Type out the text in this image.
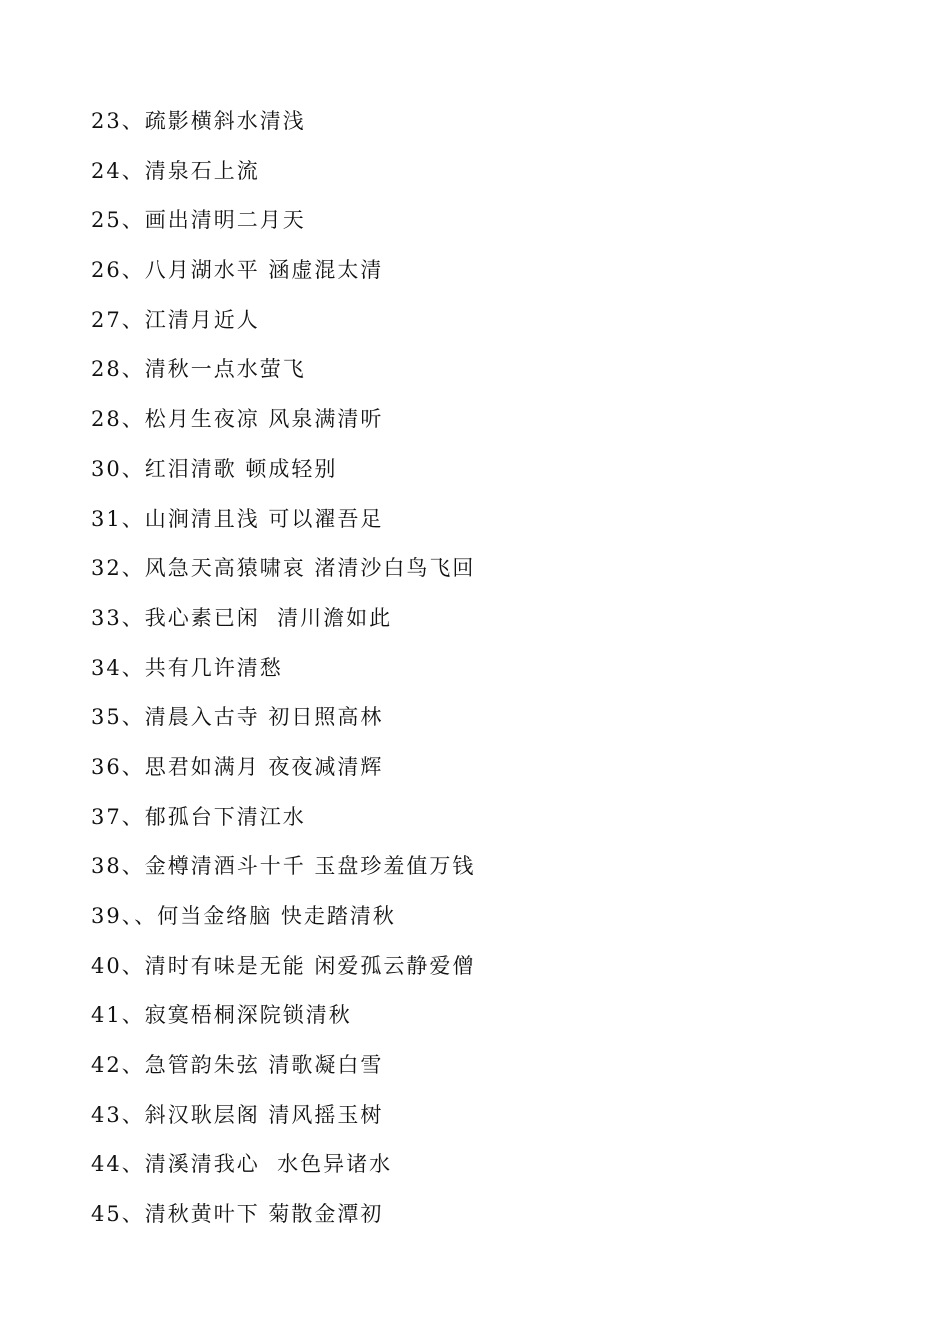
23、疏影横斜水清浅
24、清泉石上流
25、画出清明二月天
26、八月湖水平 涵虚混太清
27、江清月近人
28、清秋一点水萤飞
28、松月生夜凉 风泉满清听
30、红泪清歌 顿成轻别
31、山涧清且浅 可以濯吾足
32、风急天高猿啸哀 渚清沙白鸟飞回
33、我心素已闲  清川澹如此
34、共有几许清愁
35、清晨入古寺 初日照高林
36、思君如满月 夜夜减清辉
37、郁孤台下清江水
38、金樽清酒斗十千 玉盘珍羞值万钱
39、、何当金络脑 快走踏清秋
40、清时有味是无能 闲爱孤云静爱僧
41、寂寞梧桐深院锁清秋
42、急管韵朱弦 清歌凝白雪
43、斜汉耿层阁 清风摇玉树
44、清溪清我心  水色异诸水
45、清秋黄叶下 菊散金潭初
